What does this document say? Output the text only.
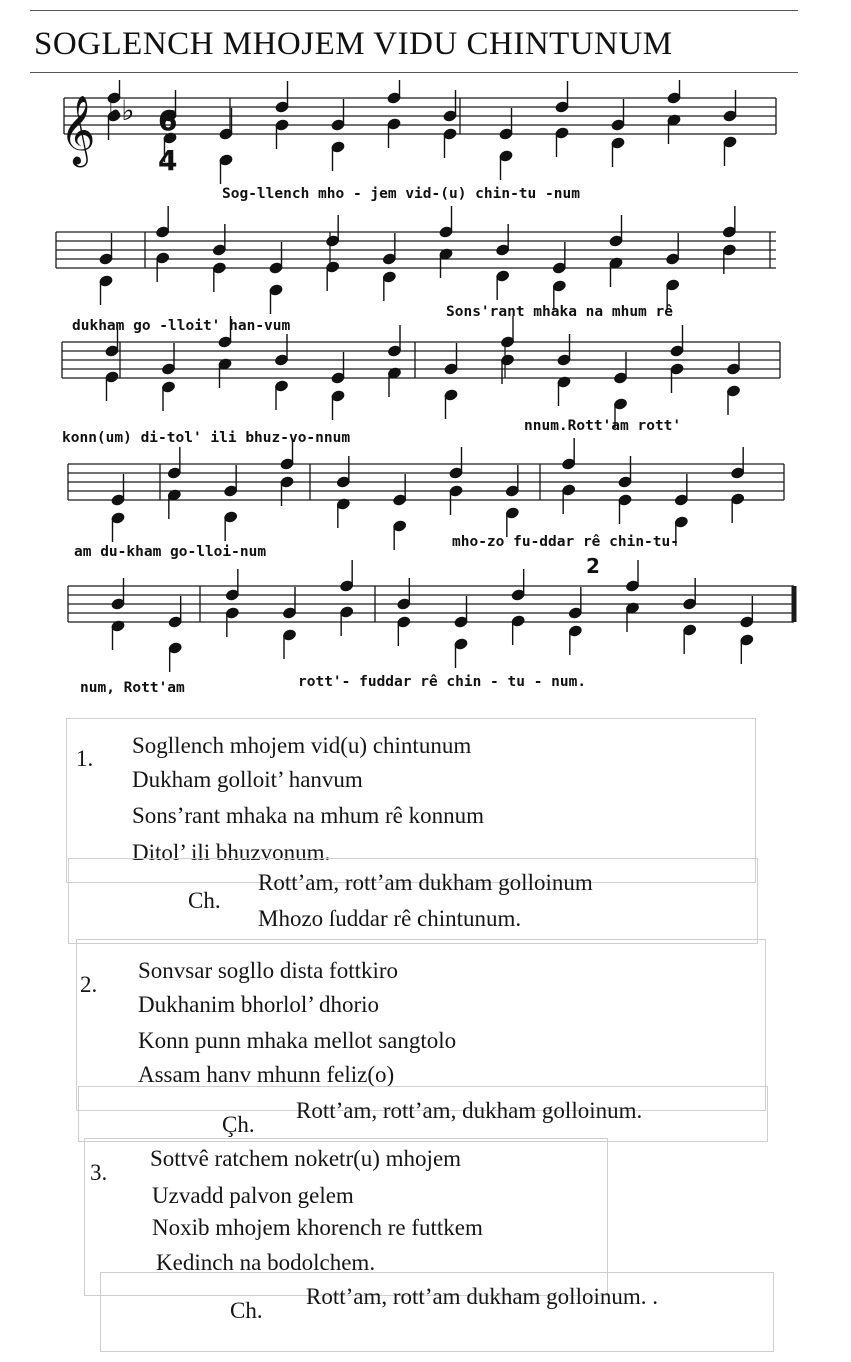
SOGLENCH MHOJEM VIDU CHINTUNUM
𝄞 ♭♭ 6
4
2
Sog-llench mho - jem vid-(u) chin-tu -num
dukham go -lloit' han-vum
Sons'rant mhaka na mhum rê
konn(um) di-tol' ili bhuz-vo-nnum
nnum.Rott'am rott'
am du-kham go-lloi-num
mho-zo fu-ddar rê chin-tu-
num, Rott'am	rott'- fuddar rê chin - tu - num.
1.
Sogllench mhojem vid(u) chintunum
Dukham golloit’ hanvum
Sons’rant mhaka na mhum rê konnum
Ditol’ ili bhuzvonum.
Ch.
Rott’am, rott’am dukham golloinum
Mhozo ſuddar rê chintunum.
2.
Sonvsar sogllo dista fottkiro
Dukhanim bhorlol’ dhorio
Konn punn mhaka mellot sangtolo
Assam hanv mhunn feliz(o)
Çh.
Rott’am, rott’am, dukham golloinum.
3.
Sottvê ratchem noketr(u) mhojem
Uzvadd palvon gelem
Noxib mhojem khorench re futtkem
Kedinch na bodolchem.
Ch.
Rott’am, rott’am dukham golloinum. .
